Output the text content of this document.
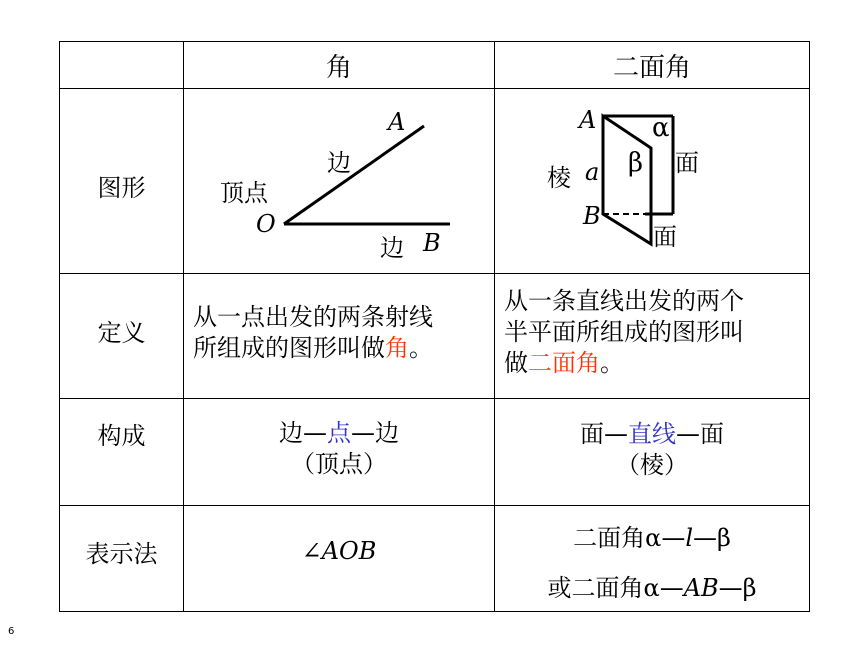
角	二面角
图形
定义
构成
表示法
顶点
边
边
A
O
B
A
B
棱 a
α
β 面
面
从一点出发的两条射线
所组成的图形叫做角。
从一条直线出发的两个
半平面所组成的图形叫
做二面角。
边—点—边
（顶点）
面—直线—面
（棱）
∠AOB	二面角α—l—β
或二面角α—AB—β
6
